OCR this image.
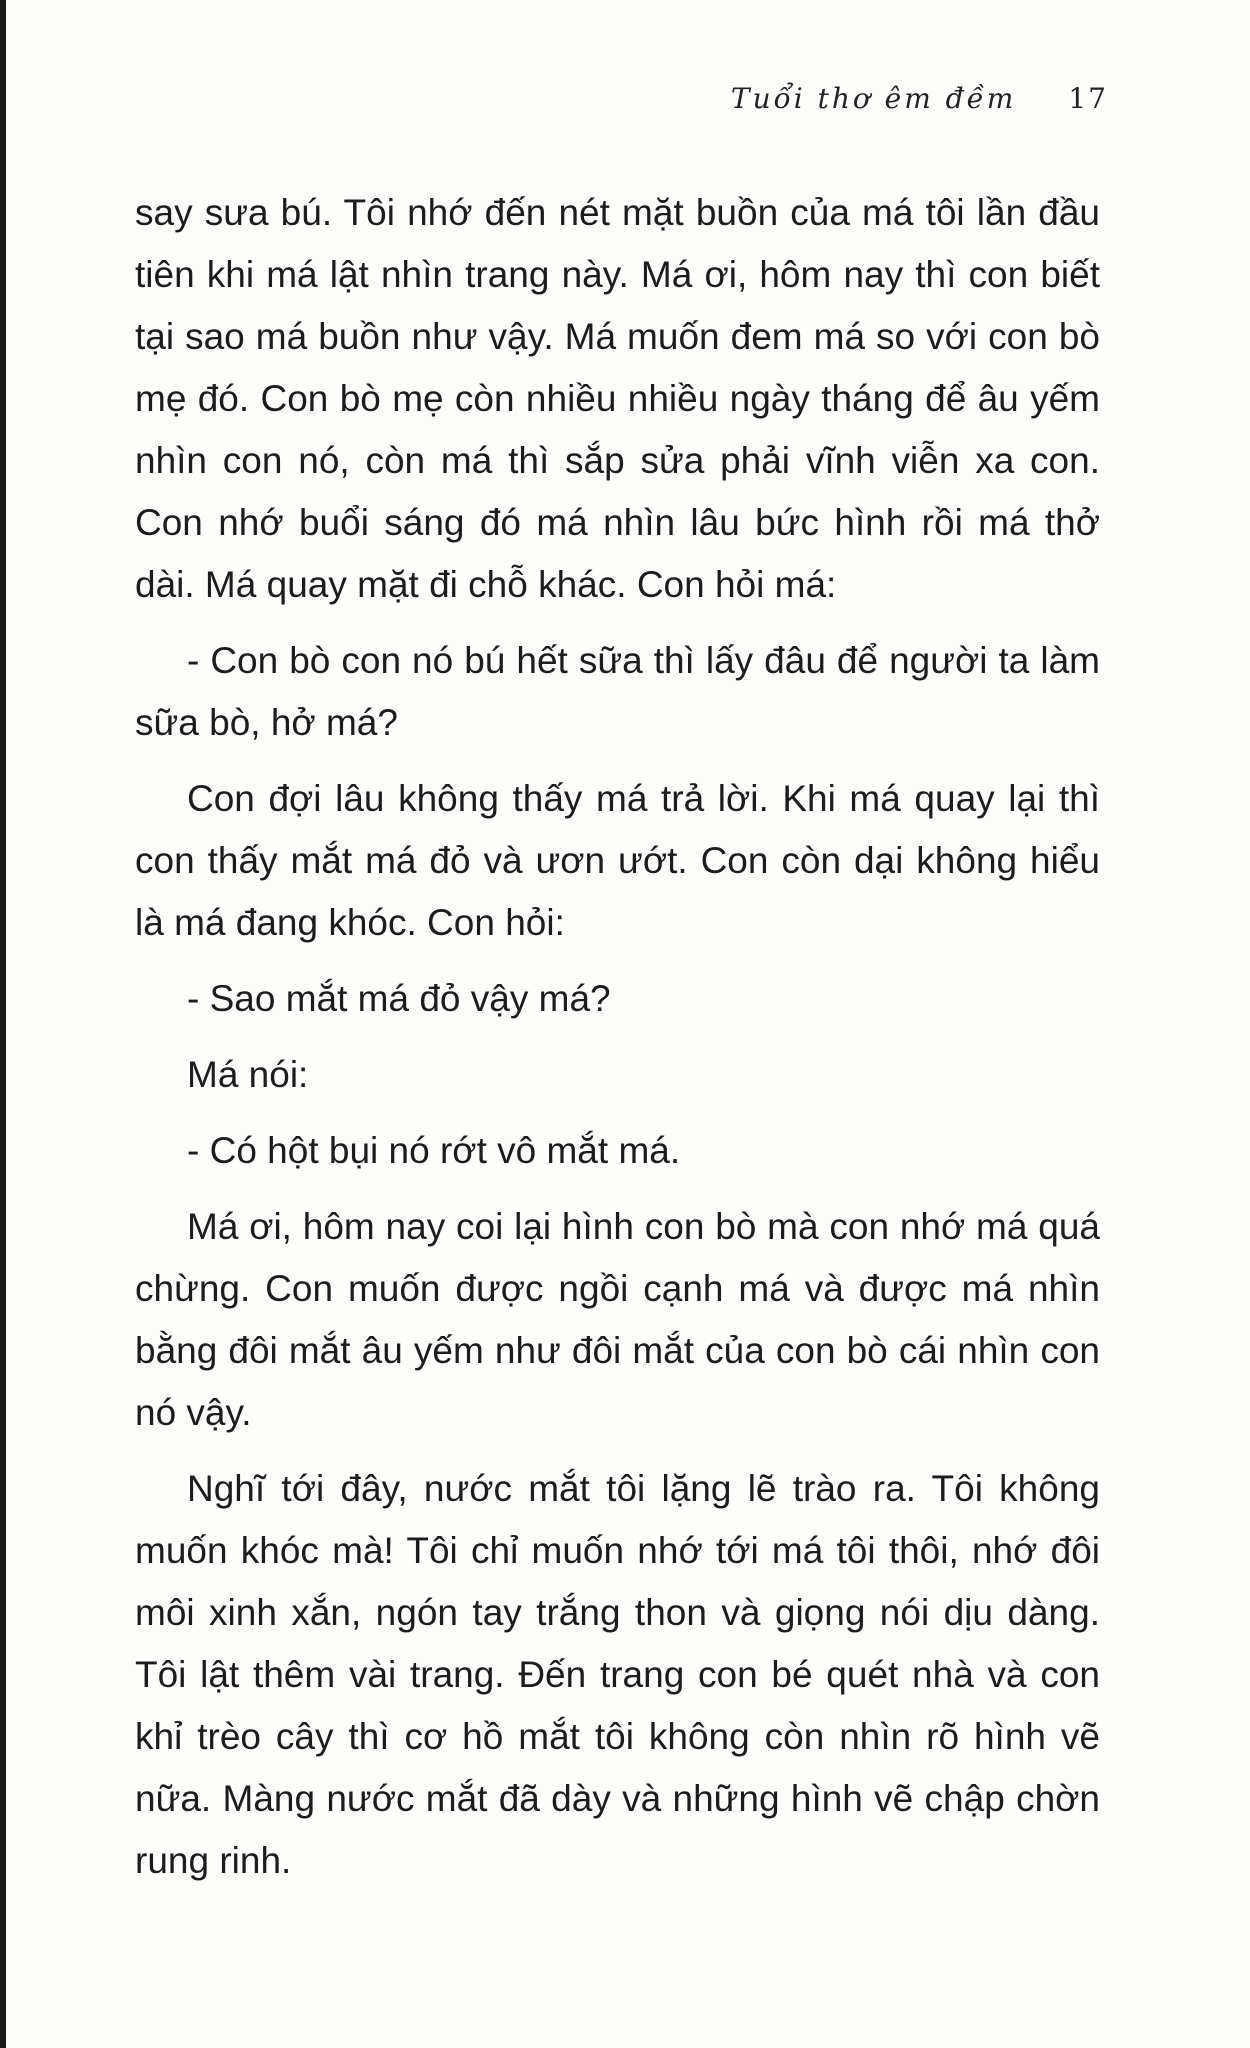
Tuổi thơ êm đềm 17

say sưa bú. Tôi nhớ đến nét mặt buồn của má tôi lần đầu tiên khi má lật nhìn trang này. Má ơi, hôm nay thì con biết tại sao má buồn như vậy. Má muốn đem má so với con bò mẹ đó. Con bò mẹ còn nhiều nhiều ngày tháng để âu yếm nhìn con nó, còn má thì sắp sửa phải vĩnh viễn xa con. Con nhớ buổi sáng đó má nhìn lâu bức hình rồi má thở dài. Má quay mặt đi chỗ khác. Con hỏi má:

- Con bò con nó bú hết sữa thì lấy đâu để người ta làm sữa bò, hở má?

Con đợi lâu không thấy má trả lời. Khi má quay lại thì con thấy mắt má đỏ và ươn ướt. Con còn dại không hiểu là má đang khóc. Con hỏi:

- Sao mắt má đỏ vậy má?

Má nói:

- Có hột bụi nó rớt vô mắt má.

Má ơi, hôm nay coi lại hình con bò mà con nhớ má quá chừng. Con muốn được ngồi cạnh má và được má nhìn bằng đôi mắt âu yếm như đôi mắt của con bò cái nhìn con nó vậy.

Nghĩ tới đây, nước mắt tôi lặng lẽ trào ra. Tôi không muốn khóc mà! Tôi chỉ muốn nhớ tới má tôi thôi, nhớ đôi môi xinh xắn, ngón tay trắng thon và giọng nói dịu dàng. Tôi lật thêm vài trang. Đến trang con bé quét nhà và con khỉ trèo cây thì cơ hồ mắt tôi không còn nhìn rõ hình vẽ nữa. Màng nước mắt đã dày và những hình vẽ chập chờn rung rinh.
